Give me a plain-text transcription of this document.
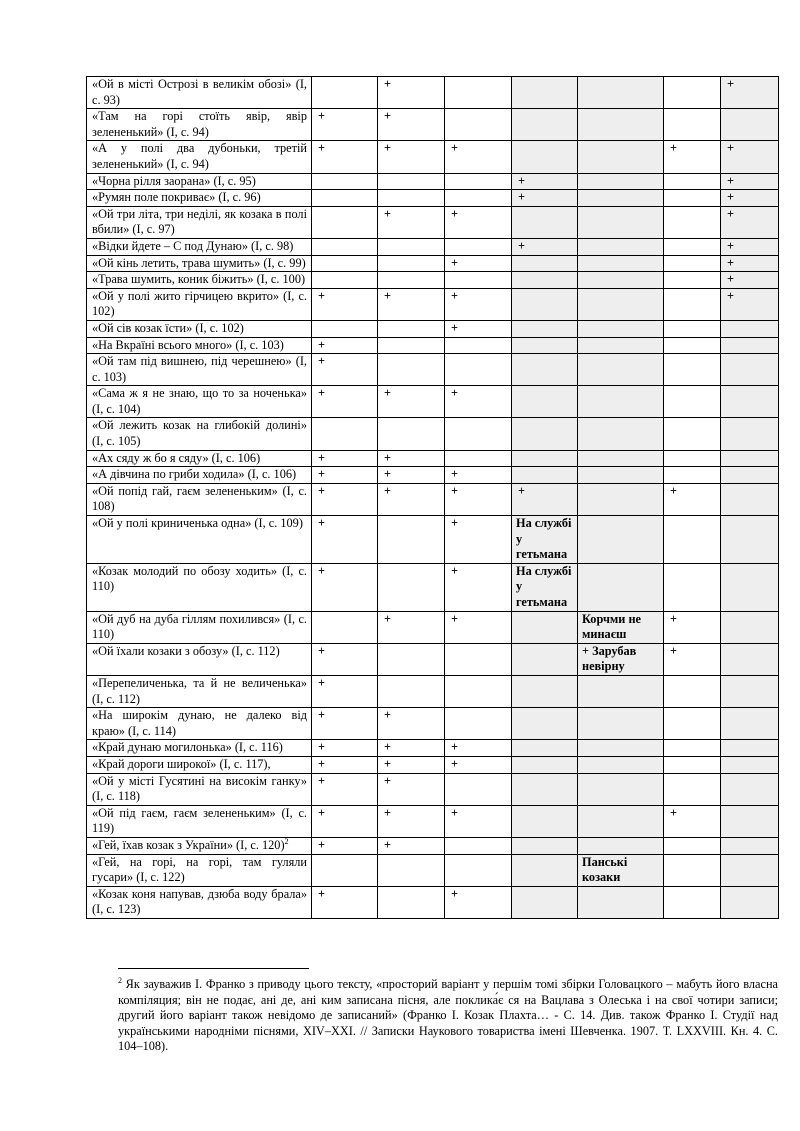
«Ой в місті Острозі в великім обозі» (І, с. 93)		+					+
«Там на горі стоїть явір, явір зелененький» (І, с. 94)	+	+					
«А у полі два дубоньки, третій зелененький» (І, с. 94)	+	+	+			+	+
«Чорна рілля заорана» (І, с. 95)				+			+
«Румян поле покриває» (І, с. 96)				+			+
«Ой три літа, три неділі, як козака в полі вбили» (І, с. 97)		+	+				+
«Відки йдете – С под Дунаю» (І, с. 98)				+			+
«Ой кінь летить, трава шумить» (І, с. 99)			+				+
«Трава шумить, коник біжить» (І, с. 100)							+
«Ой у полі жито гірчицею вкрито» (І, с. 102)	+	+	+				+
«Ой сів козак їсти» (І, с. 102)			+				
«На Вкраїні всього много» (І, с. 103)	+						
«Ой там під вишнею, під черешнею» (І, с. 103)	+						
«Сама ж я не знаю, що то за ноченька» (І, с. 104)	+	+	+				
«Ой лежить козак на глибокій долині» (І, с. 105)							
«Ах сяду ж бо я сяду» (І, с. 106)	+	+					
«А дівчина по гриби ходила» (І, с. 106)	+	+	+				
«Ой попід гай, гаєм зелененьким» (І, с. 108)	+	+	+	+		+	
«Ой у полі криниченька одна» (І, с. 109)	+		+	На службі у гетьмана			
«Козак молодий по обозу ходить» (І, с. 110)	+		+	На службі у гетьмана			
«Ой дуб на дуба гіллям похилився» (І, с. 110)		+	+		Корчми не минаєш	+	
«Ой їхали козаки з обозу» (І, с. 112)	+				+ Зарубав невірну	+	
«Перепеличенька, та й не величенька» (І, с. 112)	+						
«На широкім дунаю, не далеко від краю» (І, с. 114)	+	+					
«Край дунаю могилонька» (І, с. 116)	+	+	+				
«Край дороги широкої» (І, с. 117),	+	+	+				
«Ой у місті Гусятині на високім ганку» (І, с. 118)	+	+					
«Ой під гаєм, гаєм зелененьким» (І, с. 119)	+	+	+			+	
«Гей, їхав козак з України» (І, с. 120)$^2$	+	+					
«Гей, на горі, на горі, там гуляли гусари» (І, с. 122)					Панські козаки		
«Козак коня напував, дзюба воду брала» (І, с. 123)	+		+				
$^2$ Як зауважив І. Франко з приводу цього тексту, «простoрий варіант у першім томі збірки Головацкого – мабуть його власна компіляция; він не подає, ані де, ані ким записана пісня, але поклика́є ся на Вацлава з Олеська і на свої чотири записи; другий його варіант також невідомо де записаний» (Франко І. Козак Плахта… - С. 14. Див. також Франко І. Студії над українськими народніми піснями, XIV–XXI. // Записки Наукового товариства імені Шевченка. 1907. Т. LXXVIII. Кн. 4. С. 104–108).
